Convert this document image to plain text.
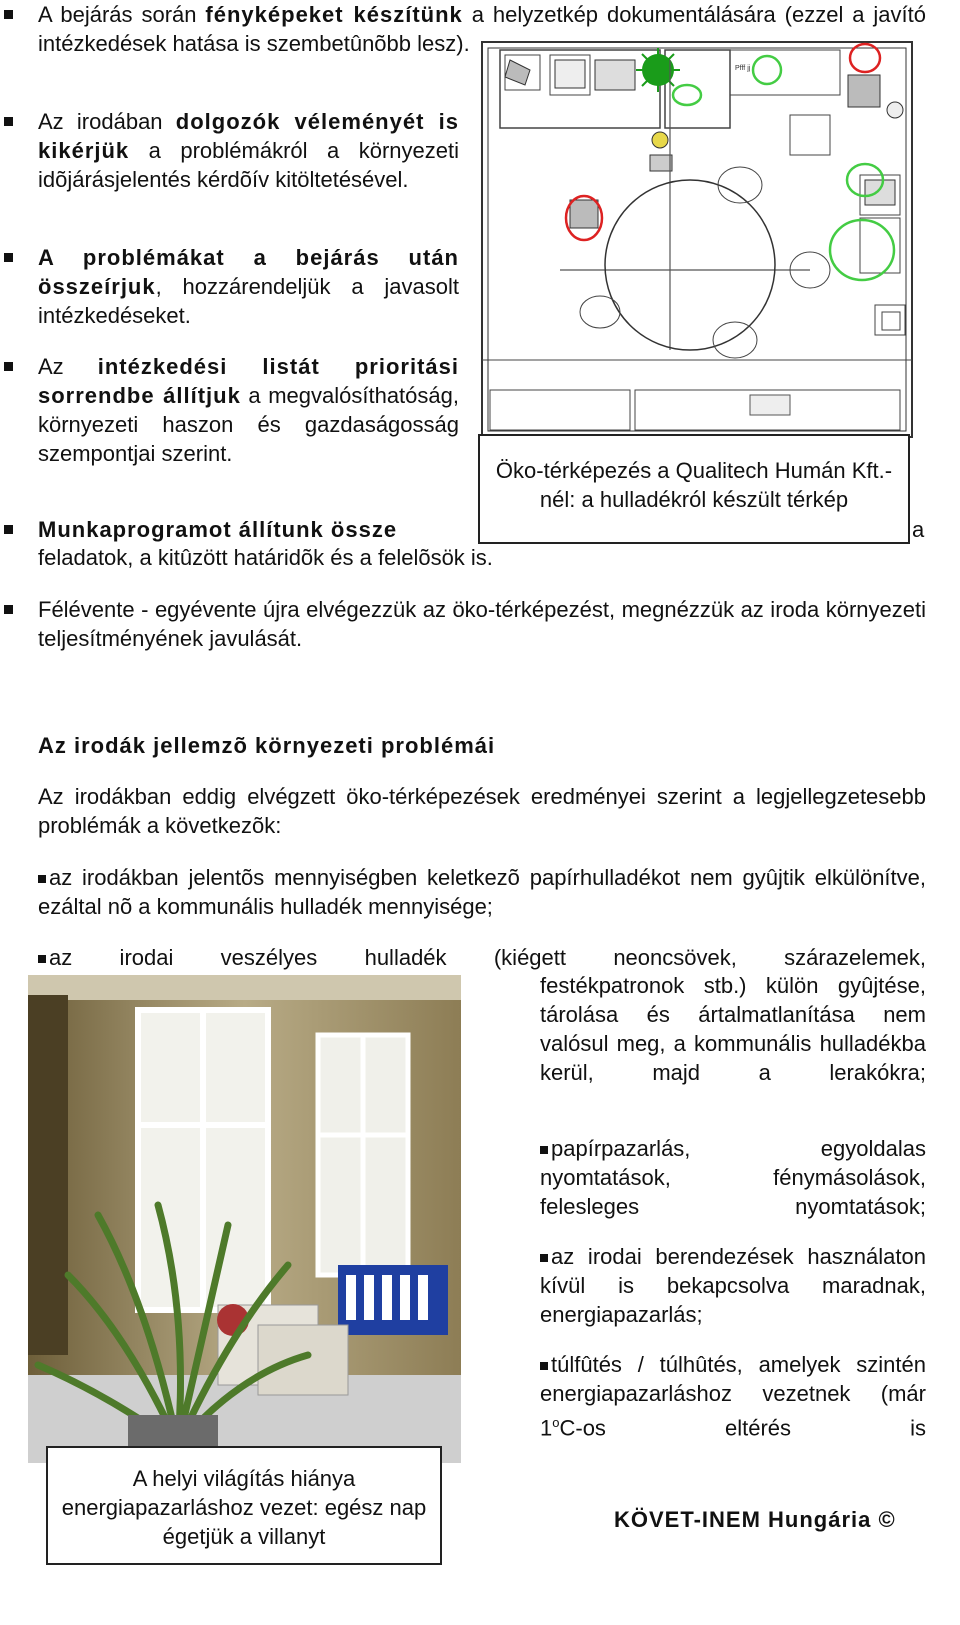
A bejárás során fényképeket készítünk a helyzetkép dokumentálására (ezzel a javító intézkedések hatása is szembetûnõbb lesz).
Az irodában dolgozók véleményét is kikérjük a problémákról a környezeti idõjárásjelentés kérdõív kitöltetésével.
A problémákat a bejárás után összeírjuk, hozzárendeljük a javasolt intézkedéseket.
Az intézkedési listát prioritási sorrendbe állítjuk a megvalósíthatóság, környezeti haszon és gazdaságosság szempontjai szerint.
Pfff jj
Öko-térképezés a Qualitech Humán Kft.-nél: a hulladékról készült térkép
Munkaprogramot állítunk össze	a
feladatok, a kitûzött határidõk és a felelõsök is.
Félévente - egyévente újra elvégezzük az öko-térképezést, megnézzük az iroda környezeti teljesítményének javulását.
Az irodák jellemzõ környezeti problémái
Az irodákban eddig elvégzett öko-térképezések eredményei szerint a legjellegzetesebb problémák a következõk:
az irodákban jelentõs mennyiségben keletkezõ papírhulladékot nem gyûjtik elkülönítve, ezáltal nõ a kommunális hulladék mennyisége;
az irodai veszélyes hulladék (kiégett neoncsövek, szárazelemek,
festékpatronok stb.) külön gyûjtése, tárolása és ártalmatlanítása nem valósul meg, a kommunális hulladékba kerül, majd a lerakókra;
papírpazarlás, egyoldalas nyomtatások, fénymásolások, felesleges nyomtatások;
az irodai berendezések használaton kívül is bekapcsolva maradnak, energiapazarlás;
túlfûtés / túlhûtés, amelyek szintén energiapazarláshoz vezetnek (már 1$^o$C-os eltérés is
A helyi világítás hiánya energiapazarláshoz vezet: egész nap égetjük a villanyt
KÖVET-INEM Hungária ©
